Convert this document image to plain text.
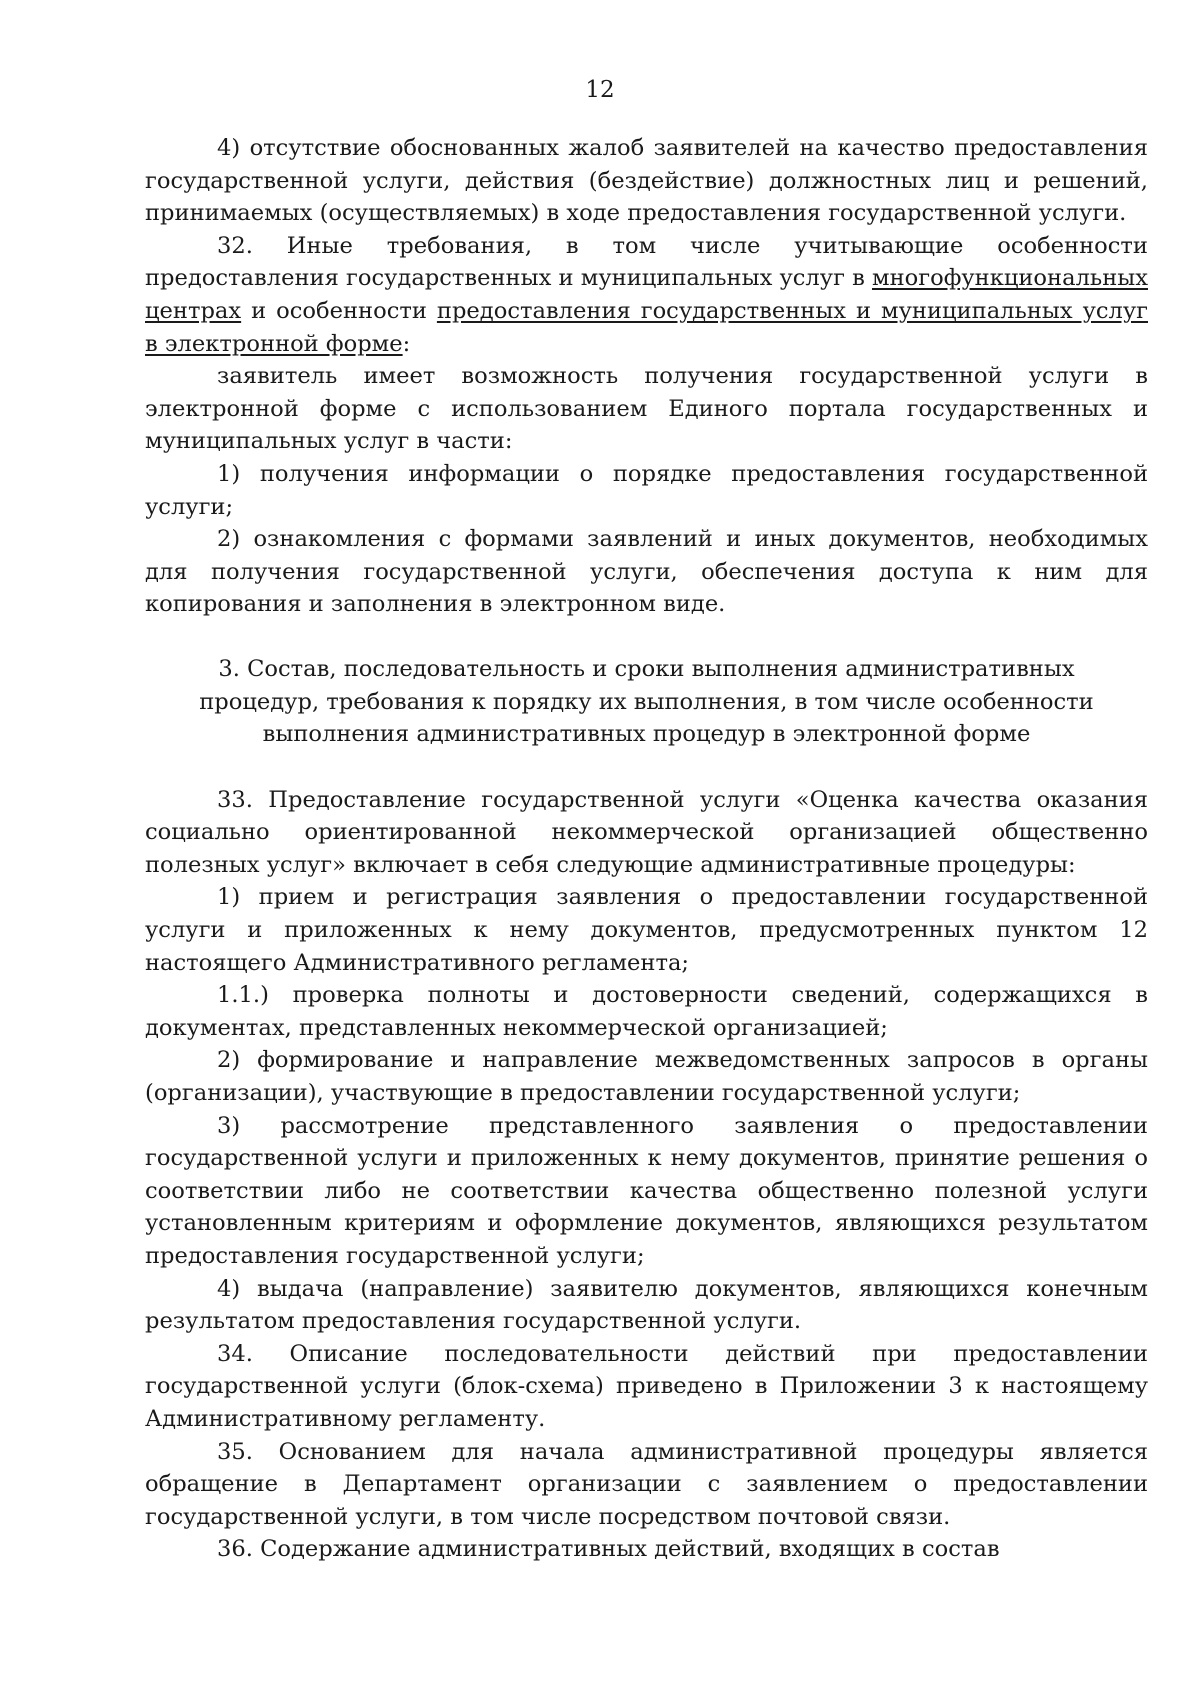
12

4) отсутствие обоснованных жалоб заявителей на качество предоставления государственной услуги, действия (бездействие) должностных лиц и решений, принимаемых (осуществляемых) в ходе предоставления государственной услуги.

32. Иные требования, в том числе учитывающие особенности предоставления государственных и муниципальных услуг в многофункциональных центрах и особенности предоставления государственных и муниципальных услуг в электронной форме:

заявитель имеет возможность получения государственной услуги в электронной форме с использованием Единого портала государственных и муниципальных услуг в части:

1) получения информации о порядке предоставления государственной услуги;

2) ознакомления с формами заявлений и иных документов, необходимых для получения государственной услуги, обеспечения доступа к ним для копирования и заполнения в электронном виде.

3. Состав, последовательность и сроки выполнения административных
процедур, требования к порядку их выполнения, в том числе особенности
выполнения административных процедур в электронной форме

33. Предоставление государственной услуги «Оценка качества оказания социально ориентированной некоммерческой организацией общественно полезных услуг» включает в себя следующие административные процедуры:

1) прием и регистрация заявления о предоставлении государственной услуги и приложенных к нему документов, предусмотренных пунктом 12 настоящего Административного регламента;

1.1.) проверка полноты и достоверности сведений, содержащихся в документах, представленных некоммерческой организацией;

2) формирование и направление межведомственных запросов в органы (организации), участвующие в предоставлении государственной услуги;

3) рассмотрение представленного заявления о предоставлении государственной услуги и приложенных к нему документов, принятие решения о соответствии либо не соответствии качества общественно полезной услуги установленным критериям и оформление документов, являющихся результатом предоставления государственной услуги;

4) выдача (направление) заявителю документов, являющихся конечным результатом предоставления государственной услуги.

34. Описание последовательности действий при предоставлении государственной услуги (блок-схема) приведено в Приложении 3 к настоящему Административному регламенту.

35. Основанием для начала административной процедуры является обращение в Департамент организации с заявлением о предоставлении государственной услуги, в том числе посредством почтовой связи.

36. Содержание административных действий, входящих в состав
